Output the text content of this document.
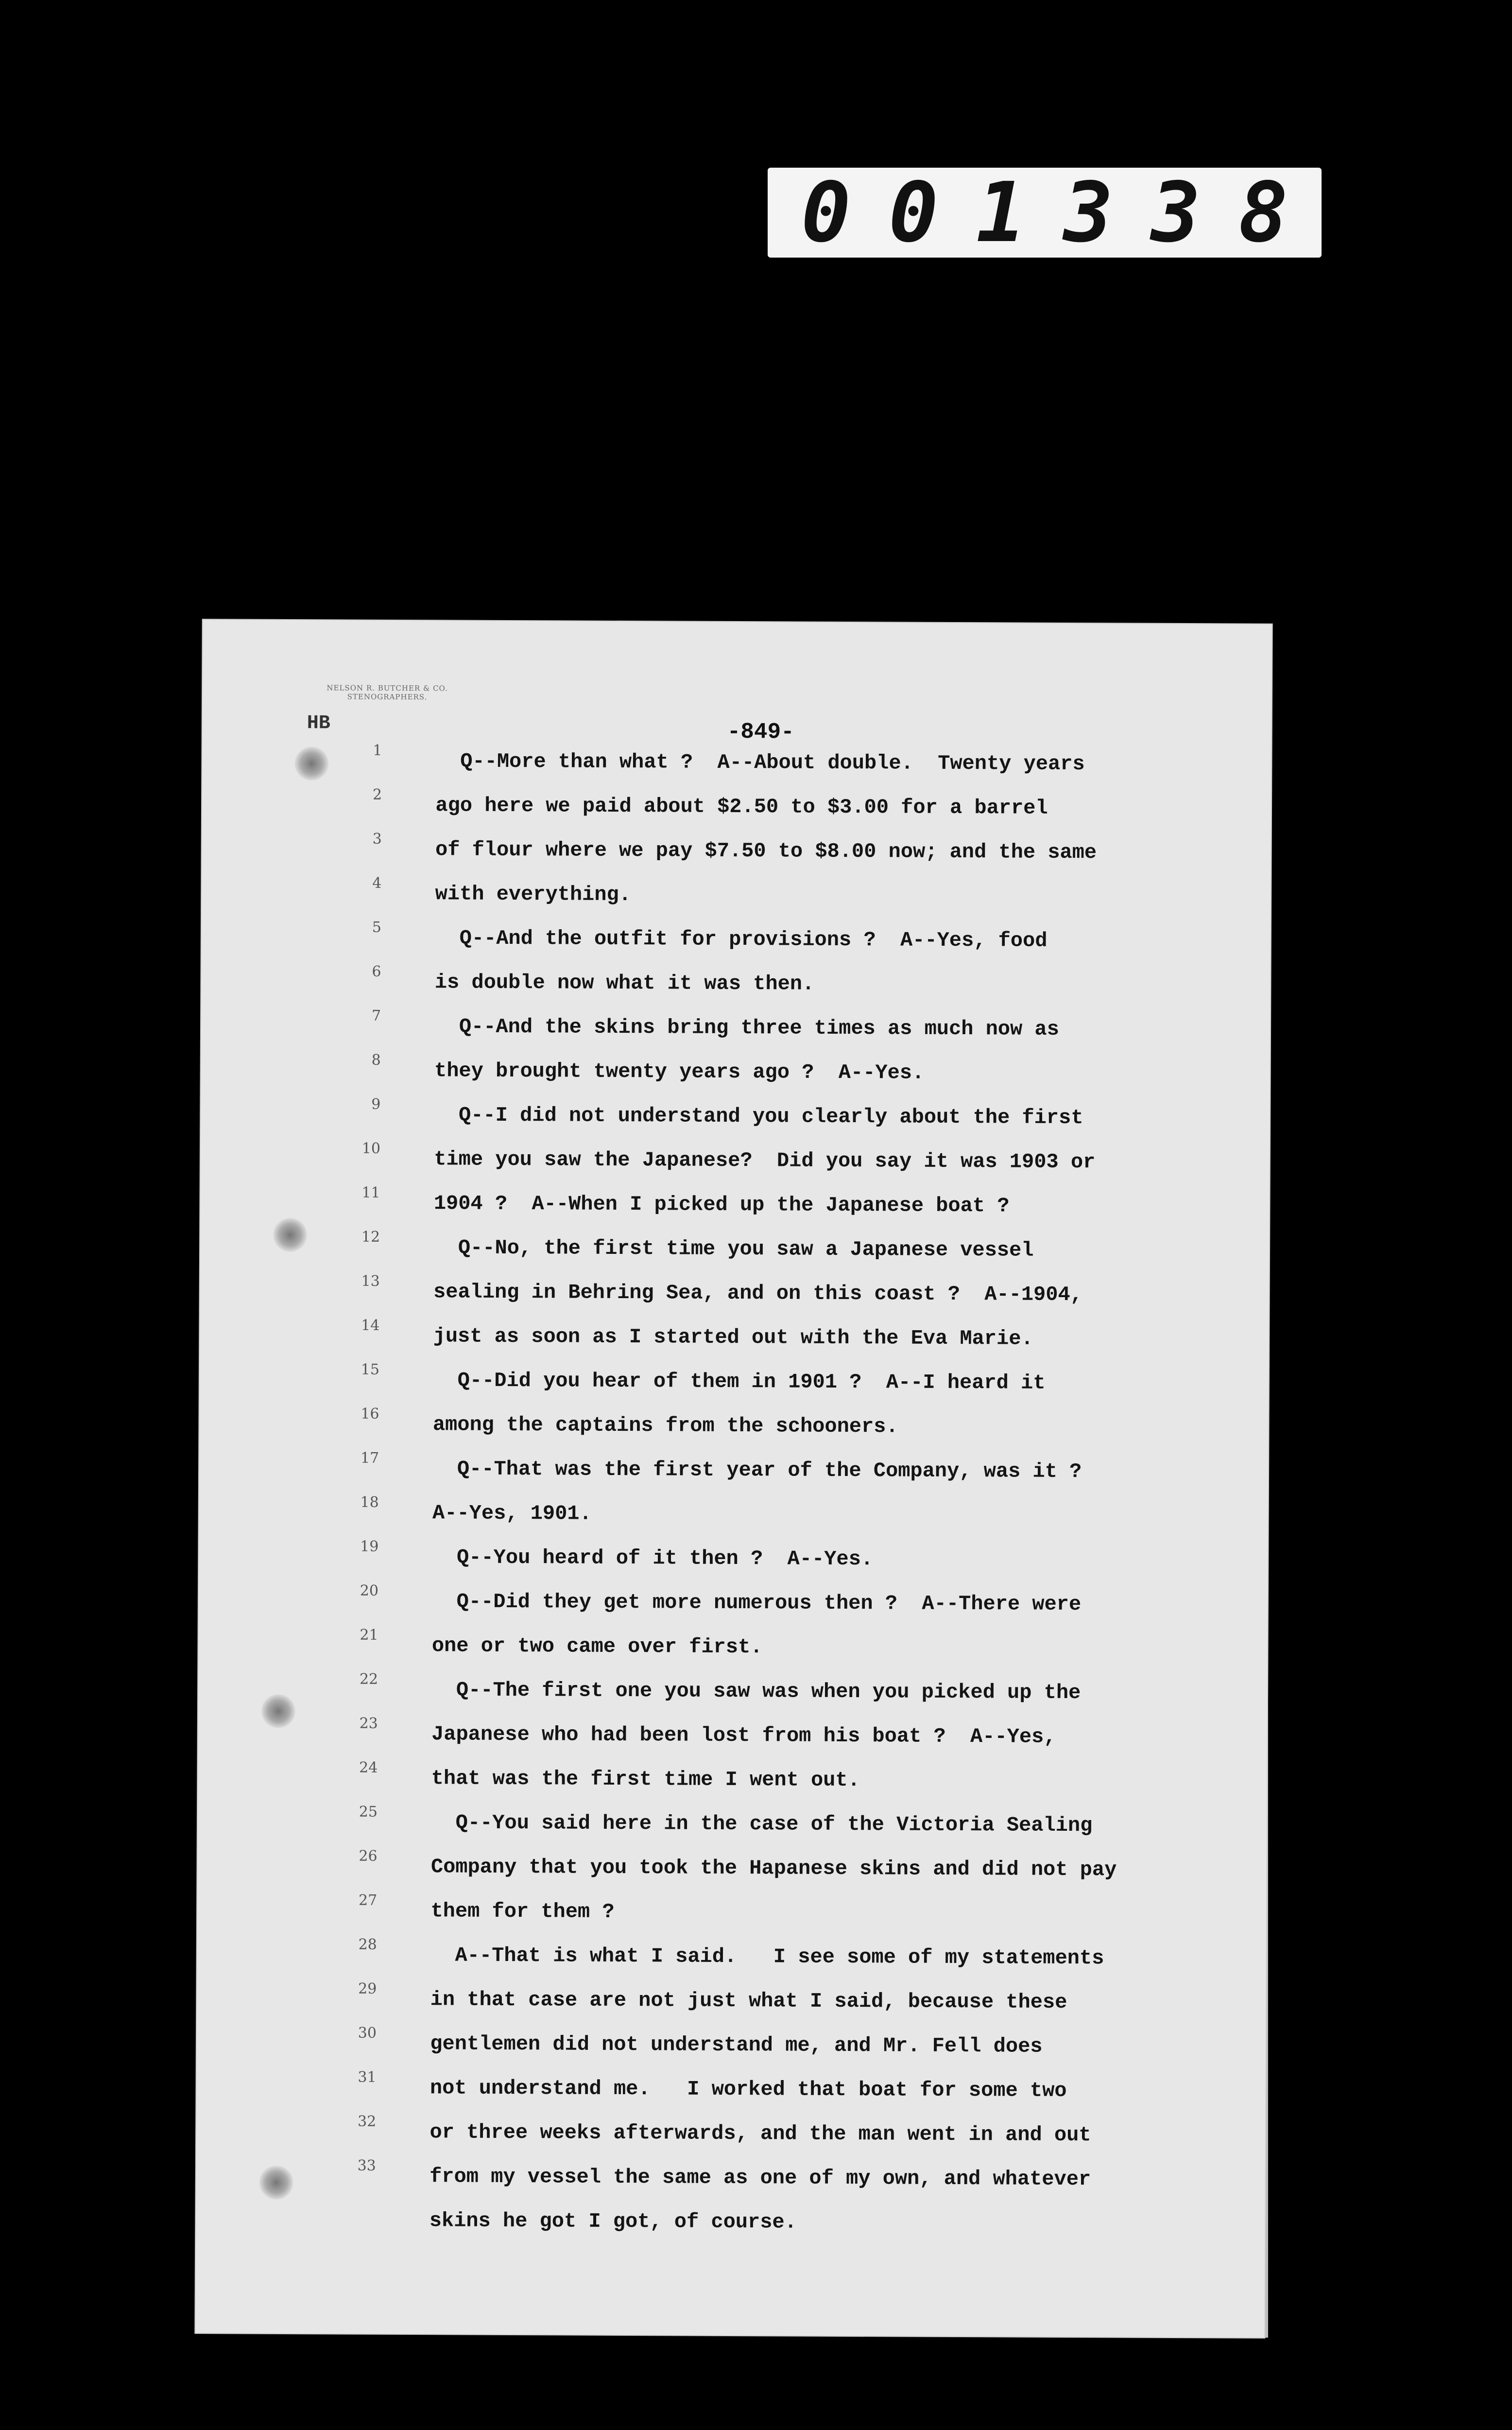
0 0 1 3 3 8
NELSON R. BUTCHER & CO.
STENOGRAPHERS.
HB	-849-
1
2
3
4
5
6
7
8
9
10
11
12
13
14
15
16
17
18
19
20
21
22
23
24
25
26
27
28
29
30
31
32
33
Q--More than what ?  A--About double.  Twenty years
ago here we paid about $2.50 to $3.00 for a barrel
of flour where we pay $7.50 to $8.00 now; and the same
with everything.
Q--And the outfit for provisions ?  A--Yes, food
is double now what it was then.
Q--And the skins bring three times as much now as
they brought twenty years ago ?  A--Yes.
Q--I did not understand you clearly about the first
time you saw the Japanese?  Did you say it was 1903 or
1904 ?  A--When I picked up the Japanese boat ?
Q--No, the first time you saw a Japanese vessel
sealing in Behring Sea, and on this coast ?  A--1904,
just as soon as I started out with the Eva Marie.
Q--Did you hear of them in 1901 ?  A--I heard it
among the captains from the schooners.
Q--That was the first year of the Company, was it ?
A--Yes, 1901.
Q--You heard of it then ?  A--Yes.
Q--Did they get more numerous then ?  A--There were
one or two came over first.
Q--The first one you saw was when you picked up the
Japanese who had been lost from his boat ?  A--Yes,
that was the first time I went out.
Q--You said here in the case of the Victoria Sealing
Company that you took the Hapanese skins and did not pay
them for them ?
A--That is what I said.   I see some of my statements
in that case are not just what I said, because these
gentlemen did not understand me, and Mr. Fell does
not understand me.   I worked that boat for some two
or three weeks afterwards, and the man went in and out
from my vessel the same as one of my own, and whatever
skins he got I got, of course.
